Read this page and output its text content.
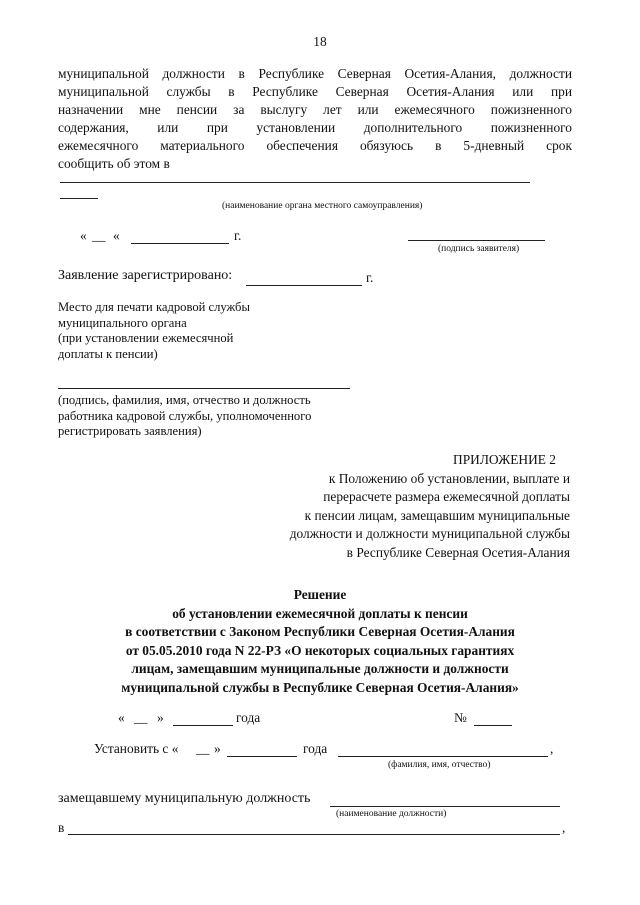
18
муниципальной должности в Республике Северная Осетия-Алания, должности
муниципальной службы в Республике Северная Осетия-Алания или при
назначении мне пенсии за выслугу лет или ежемесячного пожизненного
содержания, или при установлении дополнительного пожизненного
ежемесячного материального обеспечения обязуюсь в 5-дневный срок
сообщить об этом в
(наименование органа местного самоуправления)
« __ «	г.
(подпись заявителя)
Заявление зарегистрировано:	г.
Место для печати кадровой службы
муниципального органа
(при установлении ежемесячной
доплаты к пенсии)
(подпись, фамилия, имя, отчество и должность
работника кадровой службы, уполномоченного
регистрировать заявления)
ПРИЛОЖЕНИЕ 2
к Положению об установлении, выплате и
перерасчете размера ежемесячной доплаты
к пенсии лицам, замещавшим муниципальные
должности и должности муниципальной службы
в Республике Северная Осетия-Алания
Решение
об установлении ежемесячной доплаты к пенсии
в соответствии с Законом Республики Северная Осетия-Алания
от 05.05.2010 года N 22-РЗ «О некоторых социальных гарантиях
лицам, замещавшим муниципальные должности и должности
муниципальной службы в Республике Северная Осетия-Алания»
« __ »	года	№
Установить с « __ »	года	,
(фамилия, имя, отчество)
замещавшему муниципальную должность
(наименование должности)
в	,
